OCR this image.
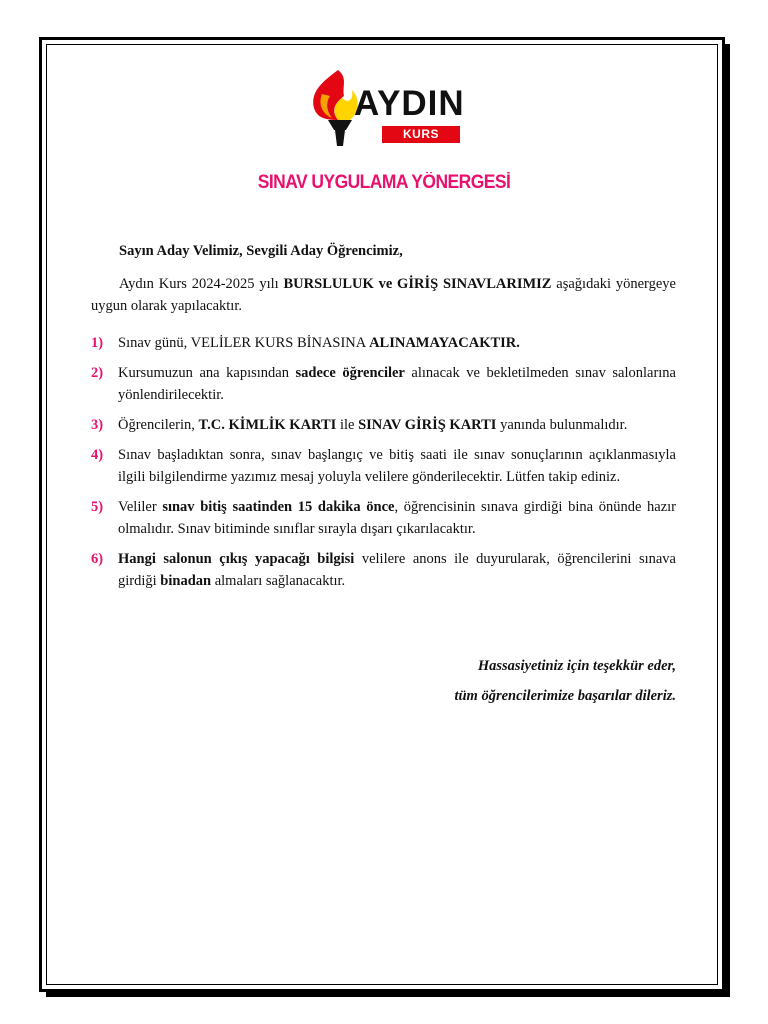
AYDIN
KURS
SINAV UYGULAMA YÖNERGESİ
Sayın Aday Velimiz, Sevgili Aday Öğrencimiz,
Aydın Kurs 2024-2025 yılı BURSLULUK ve GİRİŞ SINAVLARIMIZ aşağıdaki yönergeye uygun olarak yapılacaktır.
1) Sınav günü, VELİLER KURS BİNASINA ALINAMAYACAKTIR.
2) Kursumuzun ana kapısından sadece öğrenciler alınacak ve bekletilmeden sınav salonlarına yönlendirilecektir.
3) Öğrencilerin, T.C. KİMLİK KARTI ile SINAV GİRİŞ KARTI yanında bulunmalıdır.
4) Sınav başladıktan sonra, sınav başlangıç ve bitiş saati ile sınav sonuçlarının açıklanmasıyla ilgili bilgilendirme yazımız mesaj yoluyla velilere gönderilecektir. Lütfen takip ediniz.
5) Veliler sınav bitiş saatinden 15 dakika önce, öğrencisinin sınava girdiği bina önünde hazır olmalıdır. Sınav bitiminde sınıflar sırayla dışarı çıkarılacaktır.
6) Hangi salonun çıkış yapacağı bilgisi velilere anons ile duyurularak, öğrencilerini sınava girdiği binadan almaları sağlanacaktır.
Hassasiyetiniz için teşekkür eder,
tüm öğrencilerimize başarılar dileriz.
